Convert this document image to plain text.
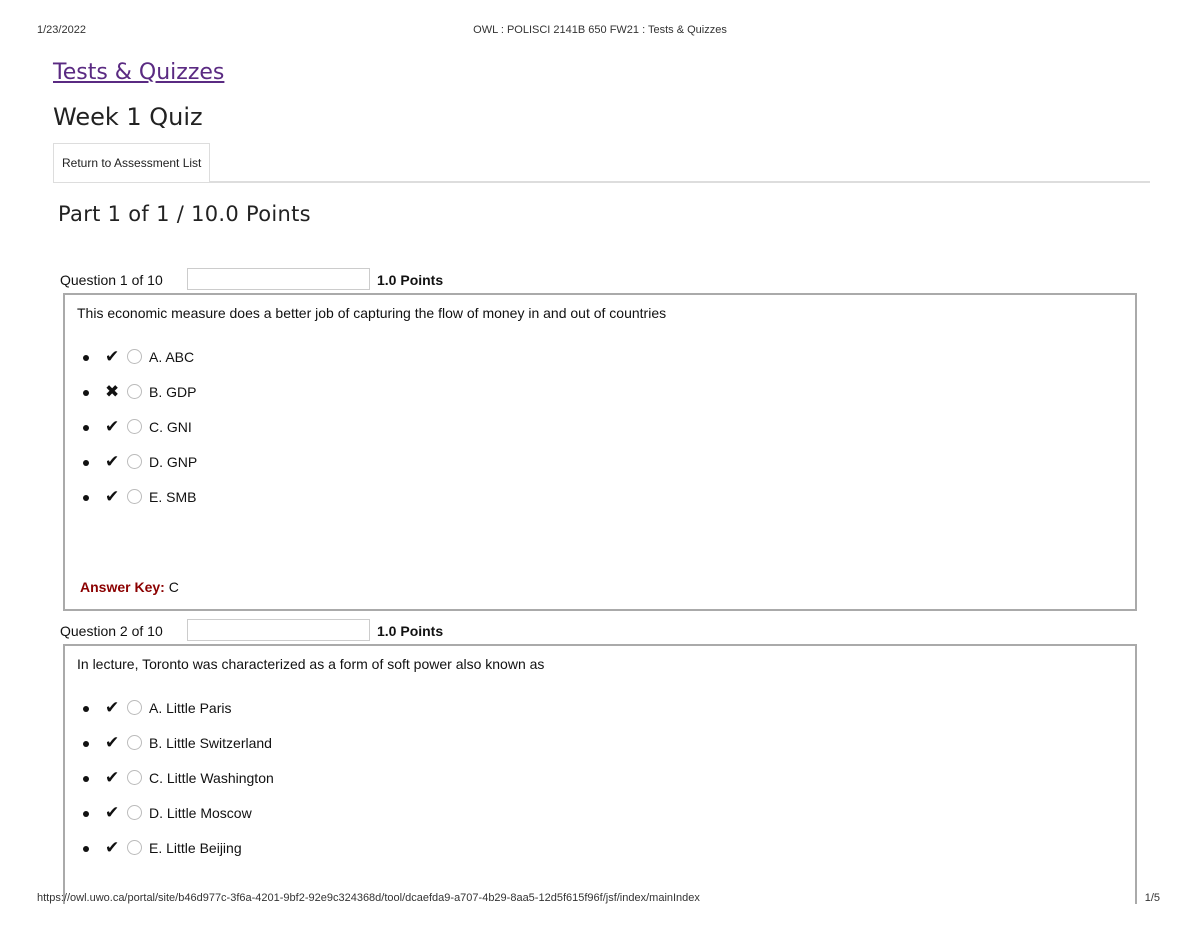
1/23/2022	OWL : POLISCI 2141B 650 FW21 : Tests & Quizzes
Tests & Quizzes
Week 1 Quiz
Return to Assessment List
Part 1 of 1 / 10.0 Points
Question 1 of 10	1.0 Points
This economic measure does a better job of capturing the flow of money in and out of countries
✔ A. ABC
✖ B. GDP
✔ C. GNI
✔ D. GNP
✔ E. SMB
Answer Key: C
Question 2 of 10	1.0 Points
In lecture, Toronto was characterized as a form of soft power also known as
✔ A. Little Paris
✔ B. Little Switzerland
✔ C. Little Washington
✔ D. Little Moscow
✔ E. Little Beijing
https://owl.uwo.ca/portal/site/b46d977c-3f6a-4201-9bf2-92e9c324368d/tool/dcaefda9-a707-4b29-8aa5-12d5f615f96f/jsf/index/mainIndex	1/5
